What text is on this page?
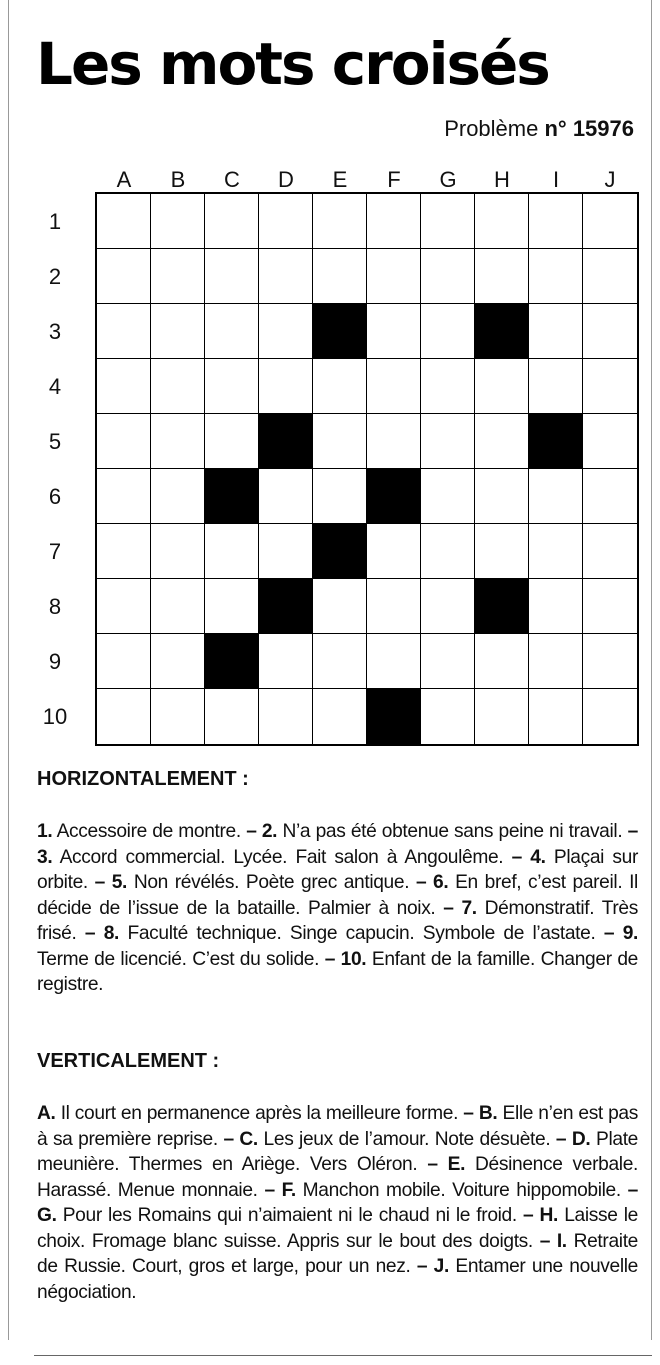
Les mots croisés
Problème n° 15976
A	B	C	D	E	F	G	H	I	J
1
2
3
4
5
6
7
8
9
10
HORIZONTALEMENT :

1. Accessoire de montre. – 2. N’a pas été obtenue sans peine ni travail. – 3. Accord commercial. Lycée. Fait salon à Angoulême. – 4. Plaçai sur orbite. – 5. Non révélés. Poète grec antique. – 6. En bref, c’est pareil. Il décide de l’issue de la bataille. Palmier à noix. – 7. Démonstratif. Très frisé. – 8. Faculté technique. Singe capucin. Symbole de l’astate. – 9. Terme de licencié. C’est du solide. – 10. Enfant de la famille. Changer de registre.

VERTICALEMENT :

A. Il court en permanence après la meilleure forme. – B. Elle n’en est pas à sa première reprise. – C. Les jeux de l’amour. Note désuète. – D. Plate meunière. Thermes en Ariège. Vers Oléron. – E. Désinence verbale. Harassé. Menue monnaie. – F. Manchon mobile. Voiture hippomobile. – G. Pour les Romains qui n’aimaient ni le chaud ni le froid. – H. Laisse le choix. Fromage blanc suisse. Appris sur le bout des doigts. – I. Retraite de Russie. Court, gros et large, pour un nez. – J. Entamer une nouvelle négociation.
